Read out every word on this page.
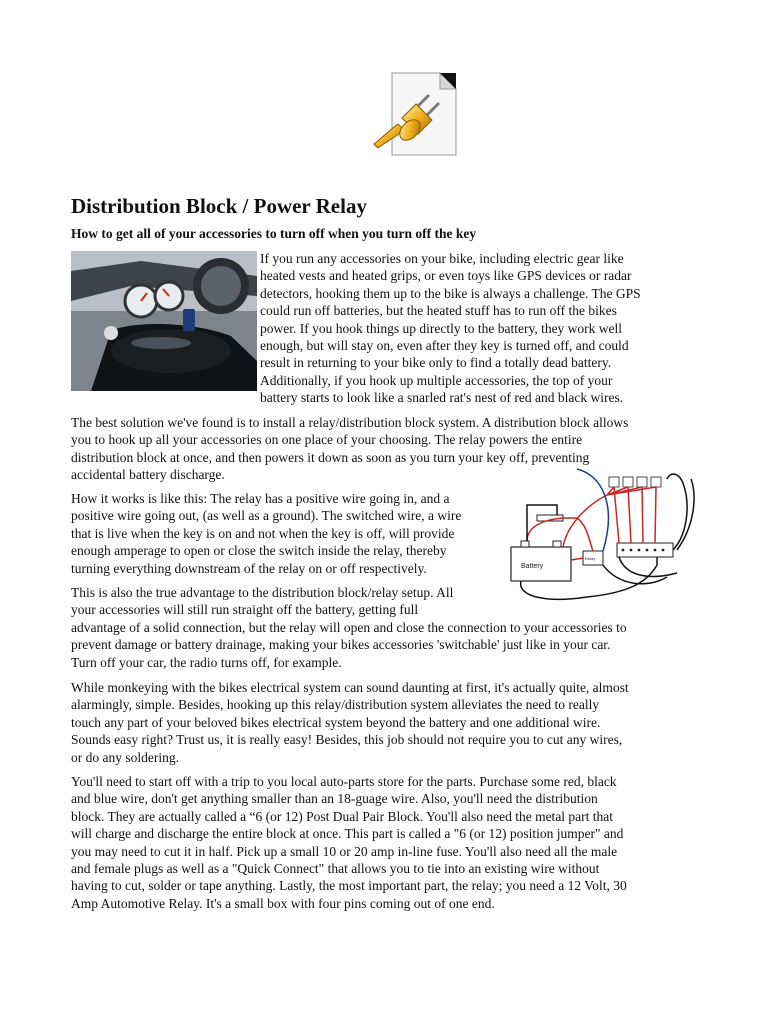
Distribution Block / Power Relay
How to get all of your accessories to turn off when you turn off the key
Battery
Relay

If you run any accessories on your bike, including electric gear like

heated vests and heated grips, or even toys like GPS devices or radar

detectors, hooking them up to the bike is always a challenge. The GPS

could run off batteries, but the heated stuff has to run off the bikes

power. If you hook things up directly to the battery, they work well

enough, but will stay on, even after they key is turned off, and could

result in returning to your bike only to find a totally dead battery.

Additionally, if you hook up multiple accessories, the top of your

battery starts to look like a snarled rat's nest of red and black wires.

The best solution we've found is to install a relay/distribution block system. A distribution block allows

you to hook up all your accessories on one place of your choosing. The relay powers the entire

distribution block at once, and then powers it down as soon as you turn your key off, preventing

accidental battery discharge.

How it works is like this: The relay has a positive wire going in, and a

positive wire going out, (as well as a ground). The switched wire, a wire

that is live when the key is on and not when the key is off, will provide

enough amperage to open or close the switch inside the relay, thereby

turning everything downstream of the relay on or off respectively.

This is also the true advantage to the distribution block/relay setup. All

your accessories will still run straight off the battery, getting full

advantage of a solid connection, but the relay will open and close the connection to your accessories to

prevent damage or battery drainage, making your bikes accessories 'switchable' just like in your car.

Turn off your car, the radio turns off, for example.

While monkeying with the bikes electrical system can sound daunting at first, it's actually quite, almost

alarmingly, simple. Besides, hooking up this relay/distribution system alleviates the need to really

touch any part of your beloved bikes electrical system beyond the battery and one additional wire.

Sounds easy right? Trust us, it is really easy! Besides, this job should not require you to cut any wires,

or do any soldering.

You'll need to start off with a trip to you local auto-parts store for the parts. Purchase some red, black

and blue wire, don't get anything smaller than an 18-guage wire. Also, you'll need the distribution

block. They are actually called a “6 (or 12) Post Dual Pair Block. You'll also need the metal part that

will charge and discharge the entire block at once. This part is called a "6 (or 12) position jumper" and

you may need to cut it in half. Pick up a small 10 or 20 amp in-line fuse. You'll also need all the male

and female plugs as well as a "Quick Connect" that allows you to tie into an existing wire without

having to cut, solder or tape anything. Lastly, the most important part, the relay; you need a 12 Volt, 30

Amp Automotive Relay. It's a small box with four pins coming out of one end.
